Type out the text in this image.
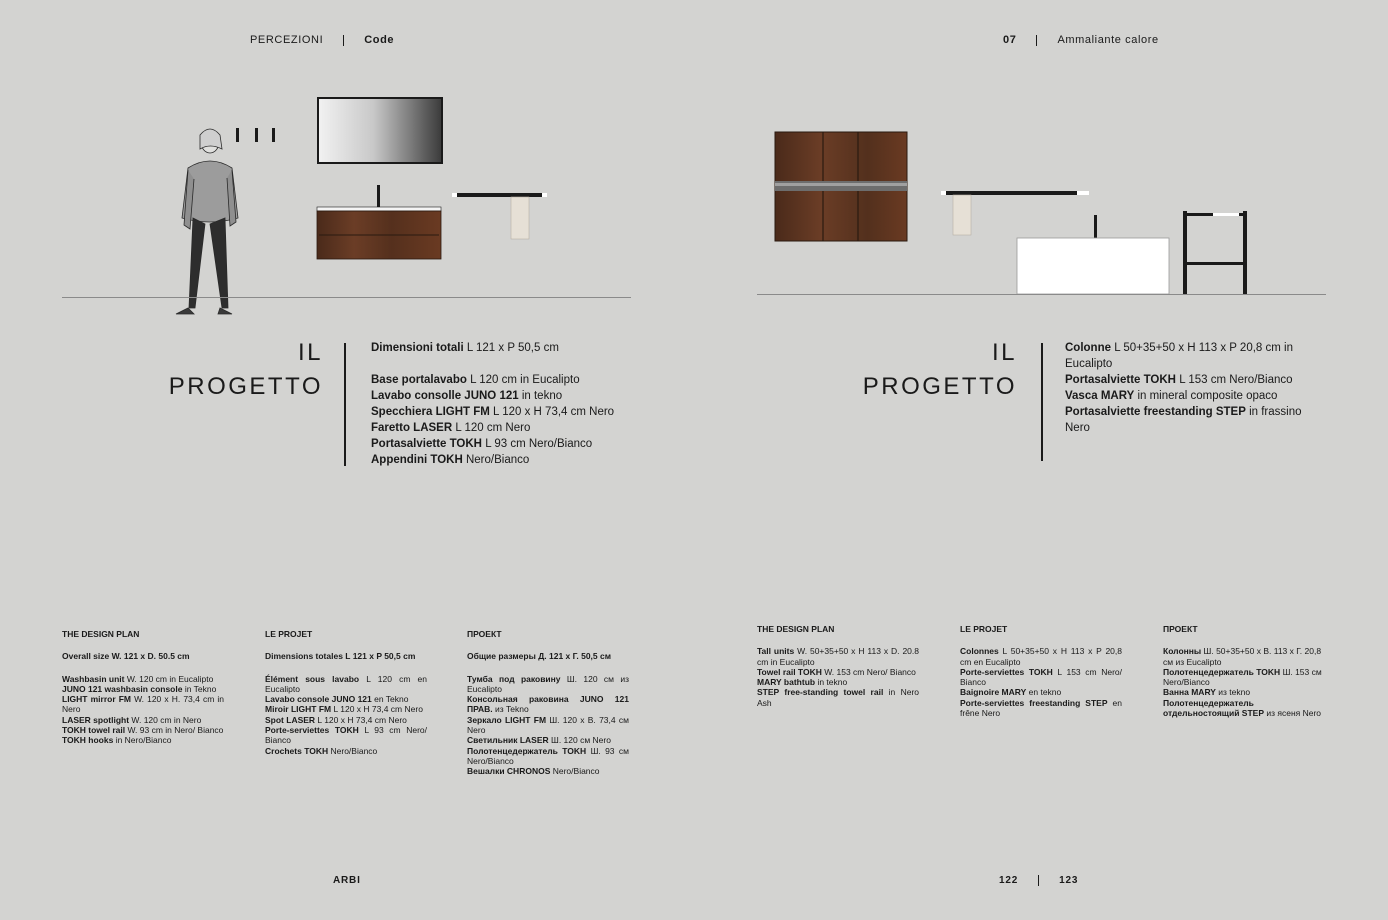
PERCEZIONI	Code
IL
PROGETTO

Dimensioni totali L 121 x P 50,5 cm

Base portalavabo L 120 cm in Eucalipto

Lavabo consolle JUNO 121 in tekno

Specchiera LIGHT FM L 120 x H 73,4 cm Nero

Faretto LASER L 120 cm Nero

Portasalviette TOKH L 93 cm Nero/Bianco

Appendini TOKH Nero/Bianco

THE DESIGN PLAN

Overall size W. 121 x D. 50.5 cm

Washbasin unit W. 120 cm in Eucalipto

JUNO 121 washbasin console in Tekno

LIGHT mirror FM W. 120 x H. 73,4 cm in Nero

LASER spotlight W. 120 cm in Nero

TOKH towel rail W. 93 cm in Nero/ Bianco

TOKH hooks in Nero/Bianco

LE PROJET

Dimensions totales L 121 x P 50,5 cm

Élément sous lavabo L 120 cm en Eucalipto

Lavabo console JUNO 121 en Tekno

Miroir LIGHT FM L 120 x H 73,4 cm Nero

Spot LASER L 120 x H 73,4 cm Nero

Porte-serviettes TOKH L 93 cm Nero/ Bianco

Crochets TOKH Nero/Bianco

ПРОЕКТ

Общие размеры Д. 121 x Г. 50,5 см

Тумба под раковину Ш. 120 см из Eucalipto

Консольная раковина JUNO 121 ПРАВ. из Tekno

Зеркало LIGHT FM Ш. 120 x В. 73,4 см Nero

Светильник LASER Ш. 120 см Nero

Полотенцедержатель TOKH Ш. 93 см Nero/Bianco

Вешалки CHRONOS Nero/Bianco

ARBI
07	Ammaliante calore
IL
PROGETTO

Colonne L 50+35+50 x H 113 x P 20,8 cm in Eucalipto

Portasalviette TOKH L 153 cm Nero/Bianco

Vasca MARY in mineral composite opaco

Portasalviette freestanding STEP in frassino Nero

THE DESIGN PLAN

Tall units W. 50+35+50 x H 113 x D. 20.8 cm in Eucalipto

Towel rail TOKH W. 153 cm Nero/ Bianco

MARY bathtub in tekno

STEP free-standing towel rail in Nero Ash

LE PROJET

Colonnes L 50+35+50 x H 113 x P 20,8 cm en Eucalipto

Porte-serviettes TOKH L 153 cm Nero/ Bianco

Baignoire MARY en tekno

Porte-serviettes freestanding STEP en frêne Nero

ПРОЕКТ

Колонны Ш. 50+35+50 x В. 113 x Г. 20,8 см из Eucalipto

Полотенцедержатель TOKH Ш. 153 см Nero/Bianco

Ванна MARY из tekno

Полотенцедержатель отдельностоящий STEP из ясеня Nero

122	123
